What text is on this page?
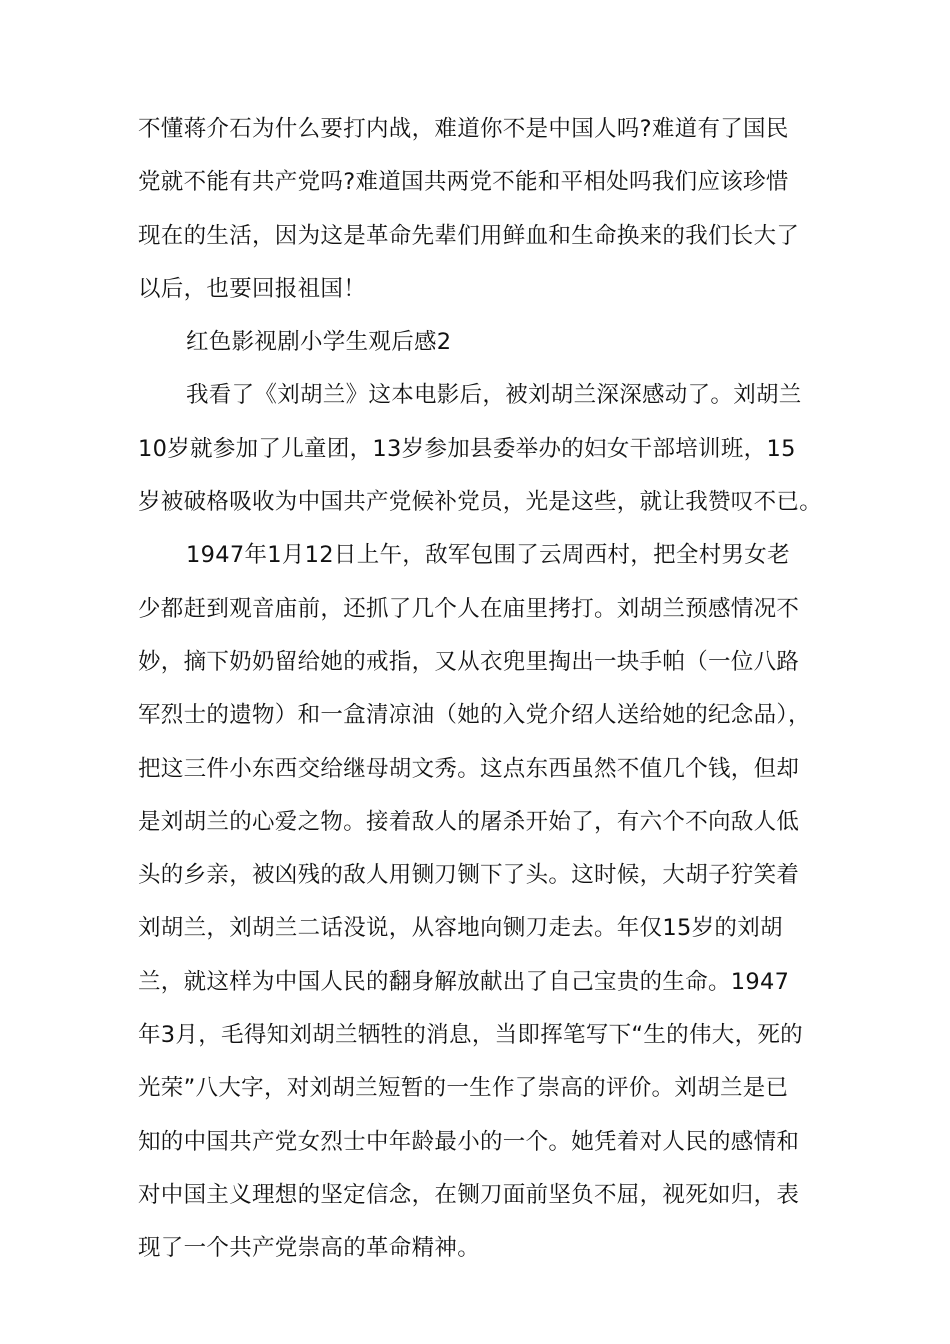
不懂蒋介石为什么要打内战，难道你不是中国人吗?难道有了国民
党就不能有共产党吗?难道国共两党不能和平相处吗我们应该珍惜
现在的生活，因为这是革命先辈们用鲜血和生命换来的我们长大了
以后，也要回报祖国！
红色影视剧小学生观后感2
我看了《刘胡兰》这本电影后，被刘胡兰深深感动了。刘胡兰
10岁就参加了儿童团，13岁参加县委举办的妇女干部培训班，15
岁被破格吸收为中国共产党候补党员，光是这些，就让我赞叹不已。
1947年1月12日上午，敌军包围了云周西村，把全村男女老
少都赶到观音庙前，还抓了几个人在庙里拷打。刘胡兰预感情况不
妙，摘下奶奶留给她的戒指，又从衣兜里掏出一块手帕（一位八路
军烈士的遗物）和一盒清凉油（她的入党介绍人送给她的纪念品），
把这三件小东西交给继母胡文秀。这点东西虽然不值几个钱，但却
是刘胡兰的心爱之物。接着敌人的屠杀开始了，有六个不向敌人低
头的乡亲，被凶残的敌人用铡刀铡下了头。这时候，大胡子狞笑着
刘胡兰，刘胡兰二话没说，从容地向铡刀走去。年仅15岁的刘胡
兰，就这样为中国人民的翻身解放献出了自己宝贵的生命。1947
年3月，毛得知刘胡兰牺牲的消息，当即挥笔写下“生的伟大，死的
光荣”八大字，对刘胡兰短暂的一生作了崇高的评价。刘胡兰是已
知的中国共产党女烈士中年龄最小的一个。她凭着对人民的感情和
对中国主义理想的坚定信念，在铡刀面前坚负不屈，视死如归，表
现了一个共产党崇高的革命精神。
